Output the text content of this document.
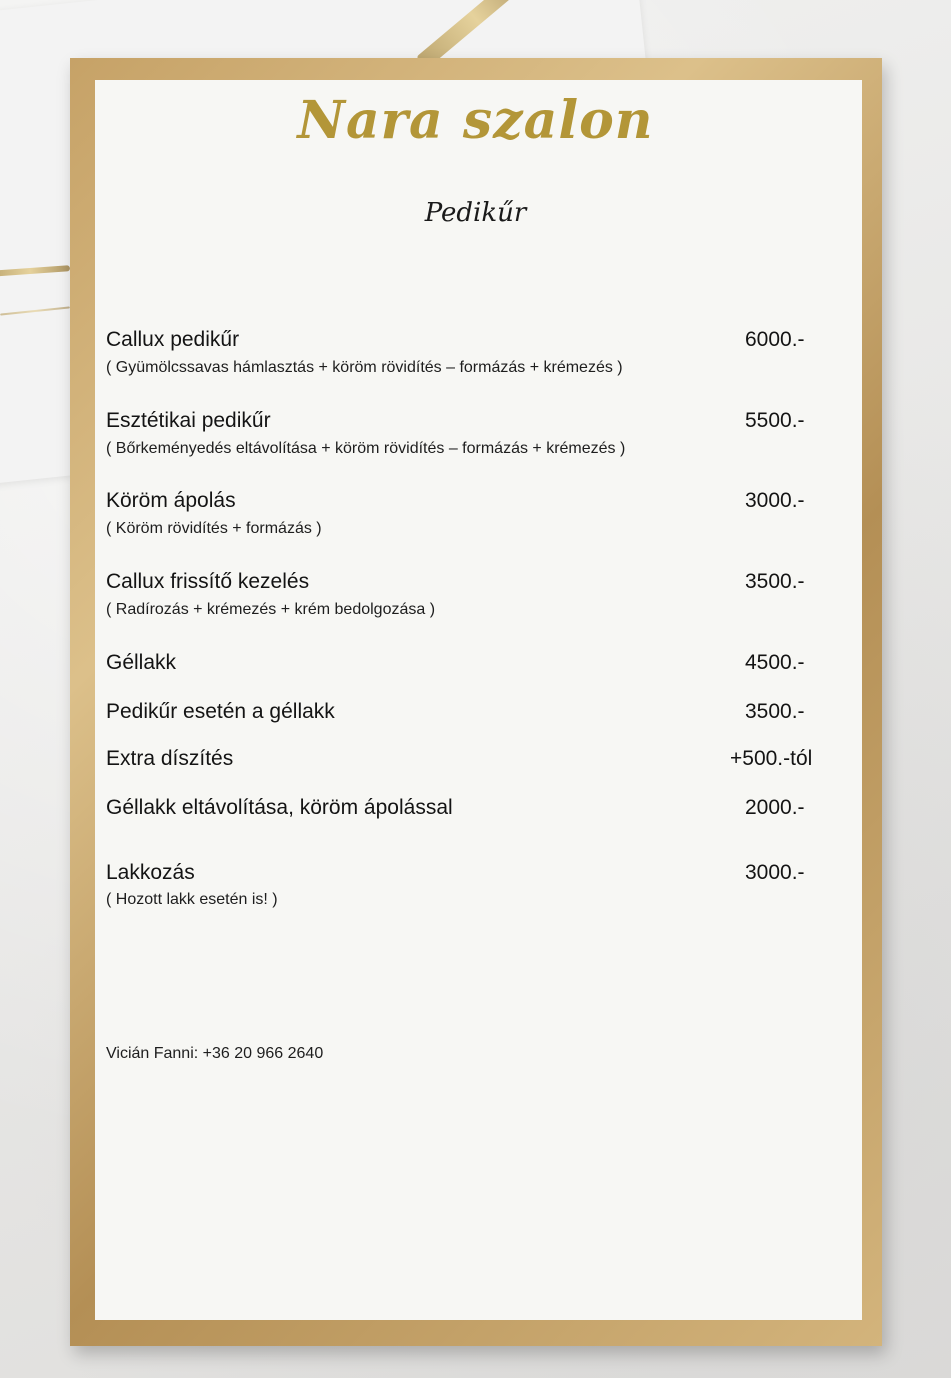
Nara szalon
Pedikűr
Callux pedikűr	6000.-
( Gyümölcssavas hámlasztás + köröm rövidítés – formázás + krémezés )
Esztétikai pedikűr	5500.-
( Bőrkeményedés eltávolítása + köröm rövidítés – formázás + krémezés )
Köröm ápolás	3000.-
( Köröm rövidítés + formázás )
Callux frissítő kezelés	3500.-
( Radírozás + krémezés + krém bedolgozása )
Géllakk	4500.-
Pedikűr esetén a géllakk	3500.-
Extra díszítés	+500.-tól
Géllakk eltávolítása, köröm ápolással	2000.-
Lakkozás	3000.-
( Hozott lakk esetén is! )
Vicián Fanni: +36 20 966 2640
